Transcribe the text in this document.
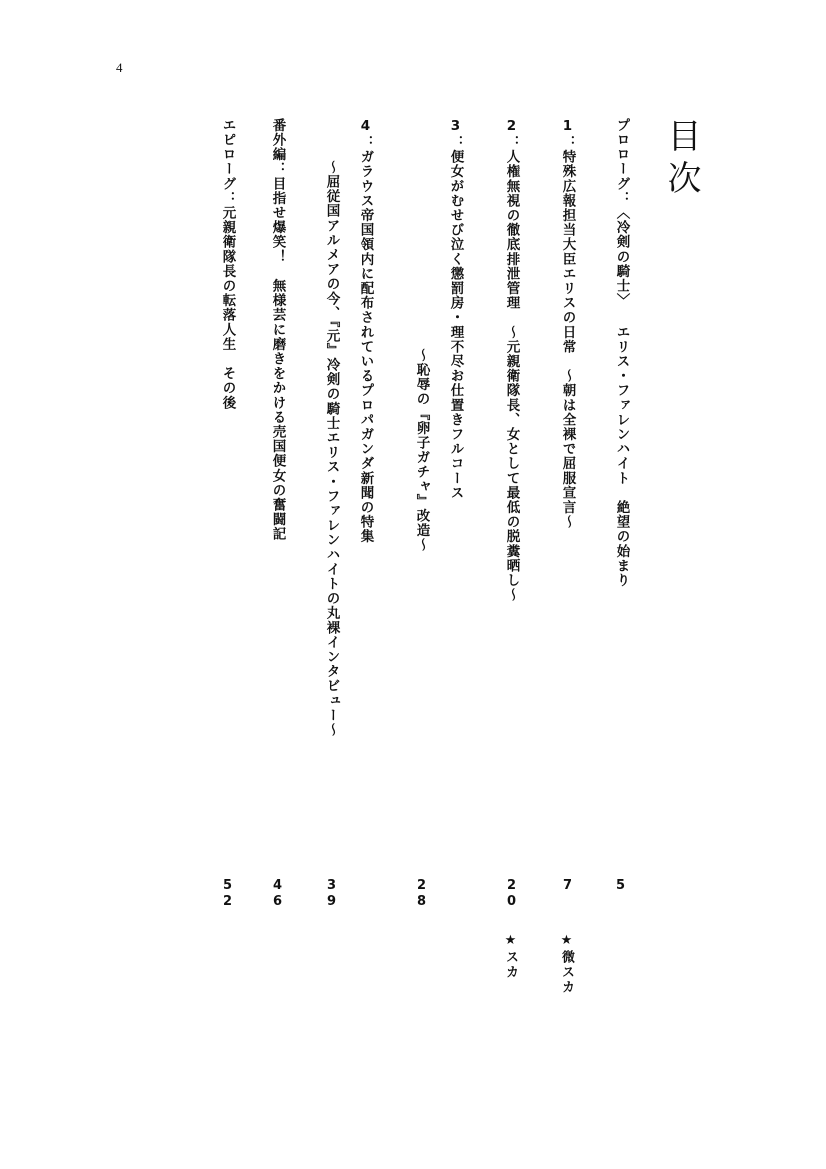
4
目次
プロローグ：〈冷剣の騎士〉 エリス・ファレンハイト　絶望の始まり
5
1：特殊広報担当大臣エリスの日常　～朝は全裸で屈服宣言～
7
★微スカ
2：人権無視の徹底排泄管理　～元親衛隊長、女として最低の脱糞晒し～
20
★スカ
3：便女がむせび泣く懲罰房・理不尽お仕置きフルコース
～恥辱の『卵子ガチャ』改造～
28
4：ガラウス帝国領内に配布されているプロパガンダ新聞の特集
～屈従国アルメアの今、『元』冷剣の騎士エリス・ファレンハイトの丸裸インタビュー～
39
番外編：目指せ爆笑！　無様芸に磨きをかける売国便女の奮闘記
46
エピローグ：元親衛隊長の転落人生　その後
52
